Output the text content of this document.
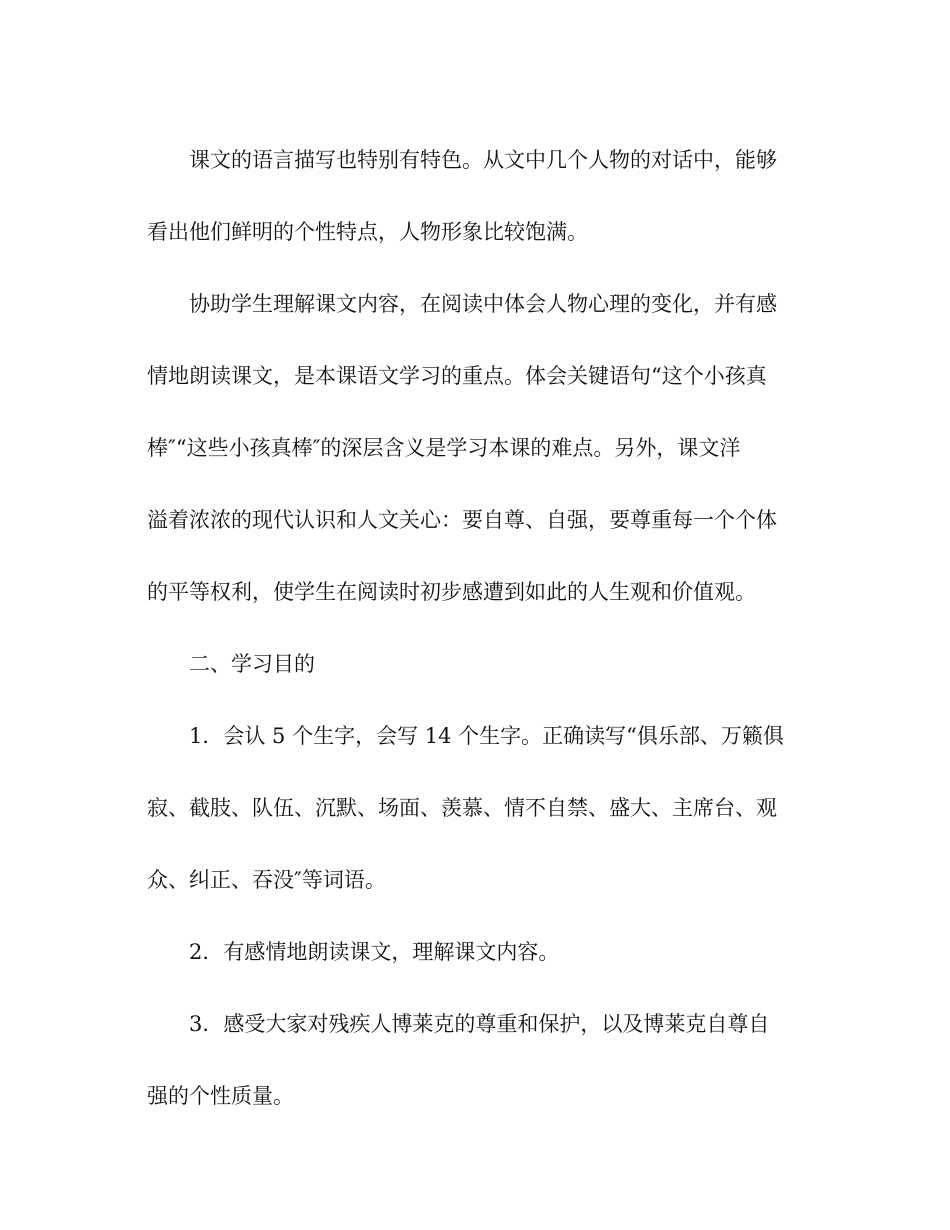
课文的语言描写也特别有特色。从文中几个人物的对话中，能够
看出他们鲜明的个性特点，人物形象比较饱满。
协助学生理解课文内容，在阅读中体会人物心理的变化，并有感
情地朗读课文，是本课语文学习的重点。体会关键语句“这个小孩真
棒″“这些小孩真棒″的深层含义是学习本课的难点。另外，课文洋
溢着浓浓的现代认识和人文关心：要自尊、自强，要尊重每一个个体
的平等权利，使学生在阅读时初步感遭到如此的人生观和价值观。
二、学习目的
1．会认 5 个生字，会写 14 个生字。正确读写“俱乐部、万籁俱
寂、截肢、队伍、沉默、场面、羡慕、情不自禁、盛大、主席台、观
众、纠正、吞没″等词语。
2．有感情地朗读课文，理解课文内容。
3．感受大家对残疾人博莱克的尊重和保护，以及博莱克自尊自
强的个性质量。
